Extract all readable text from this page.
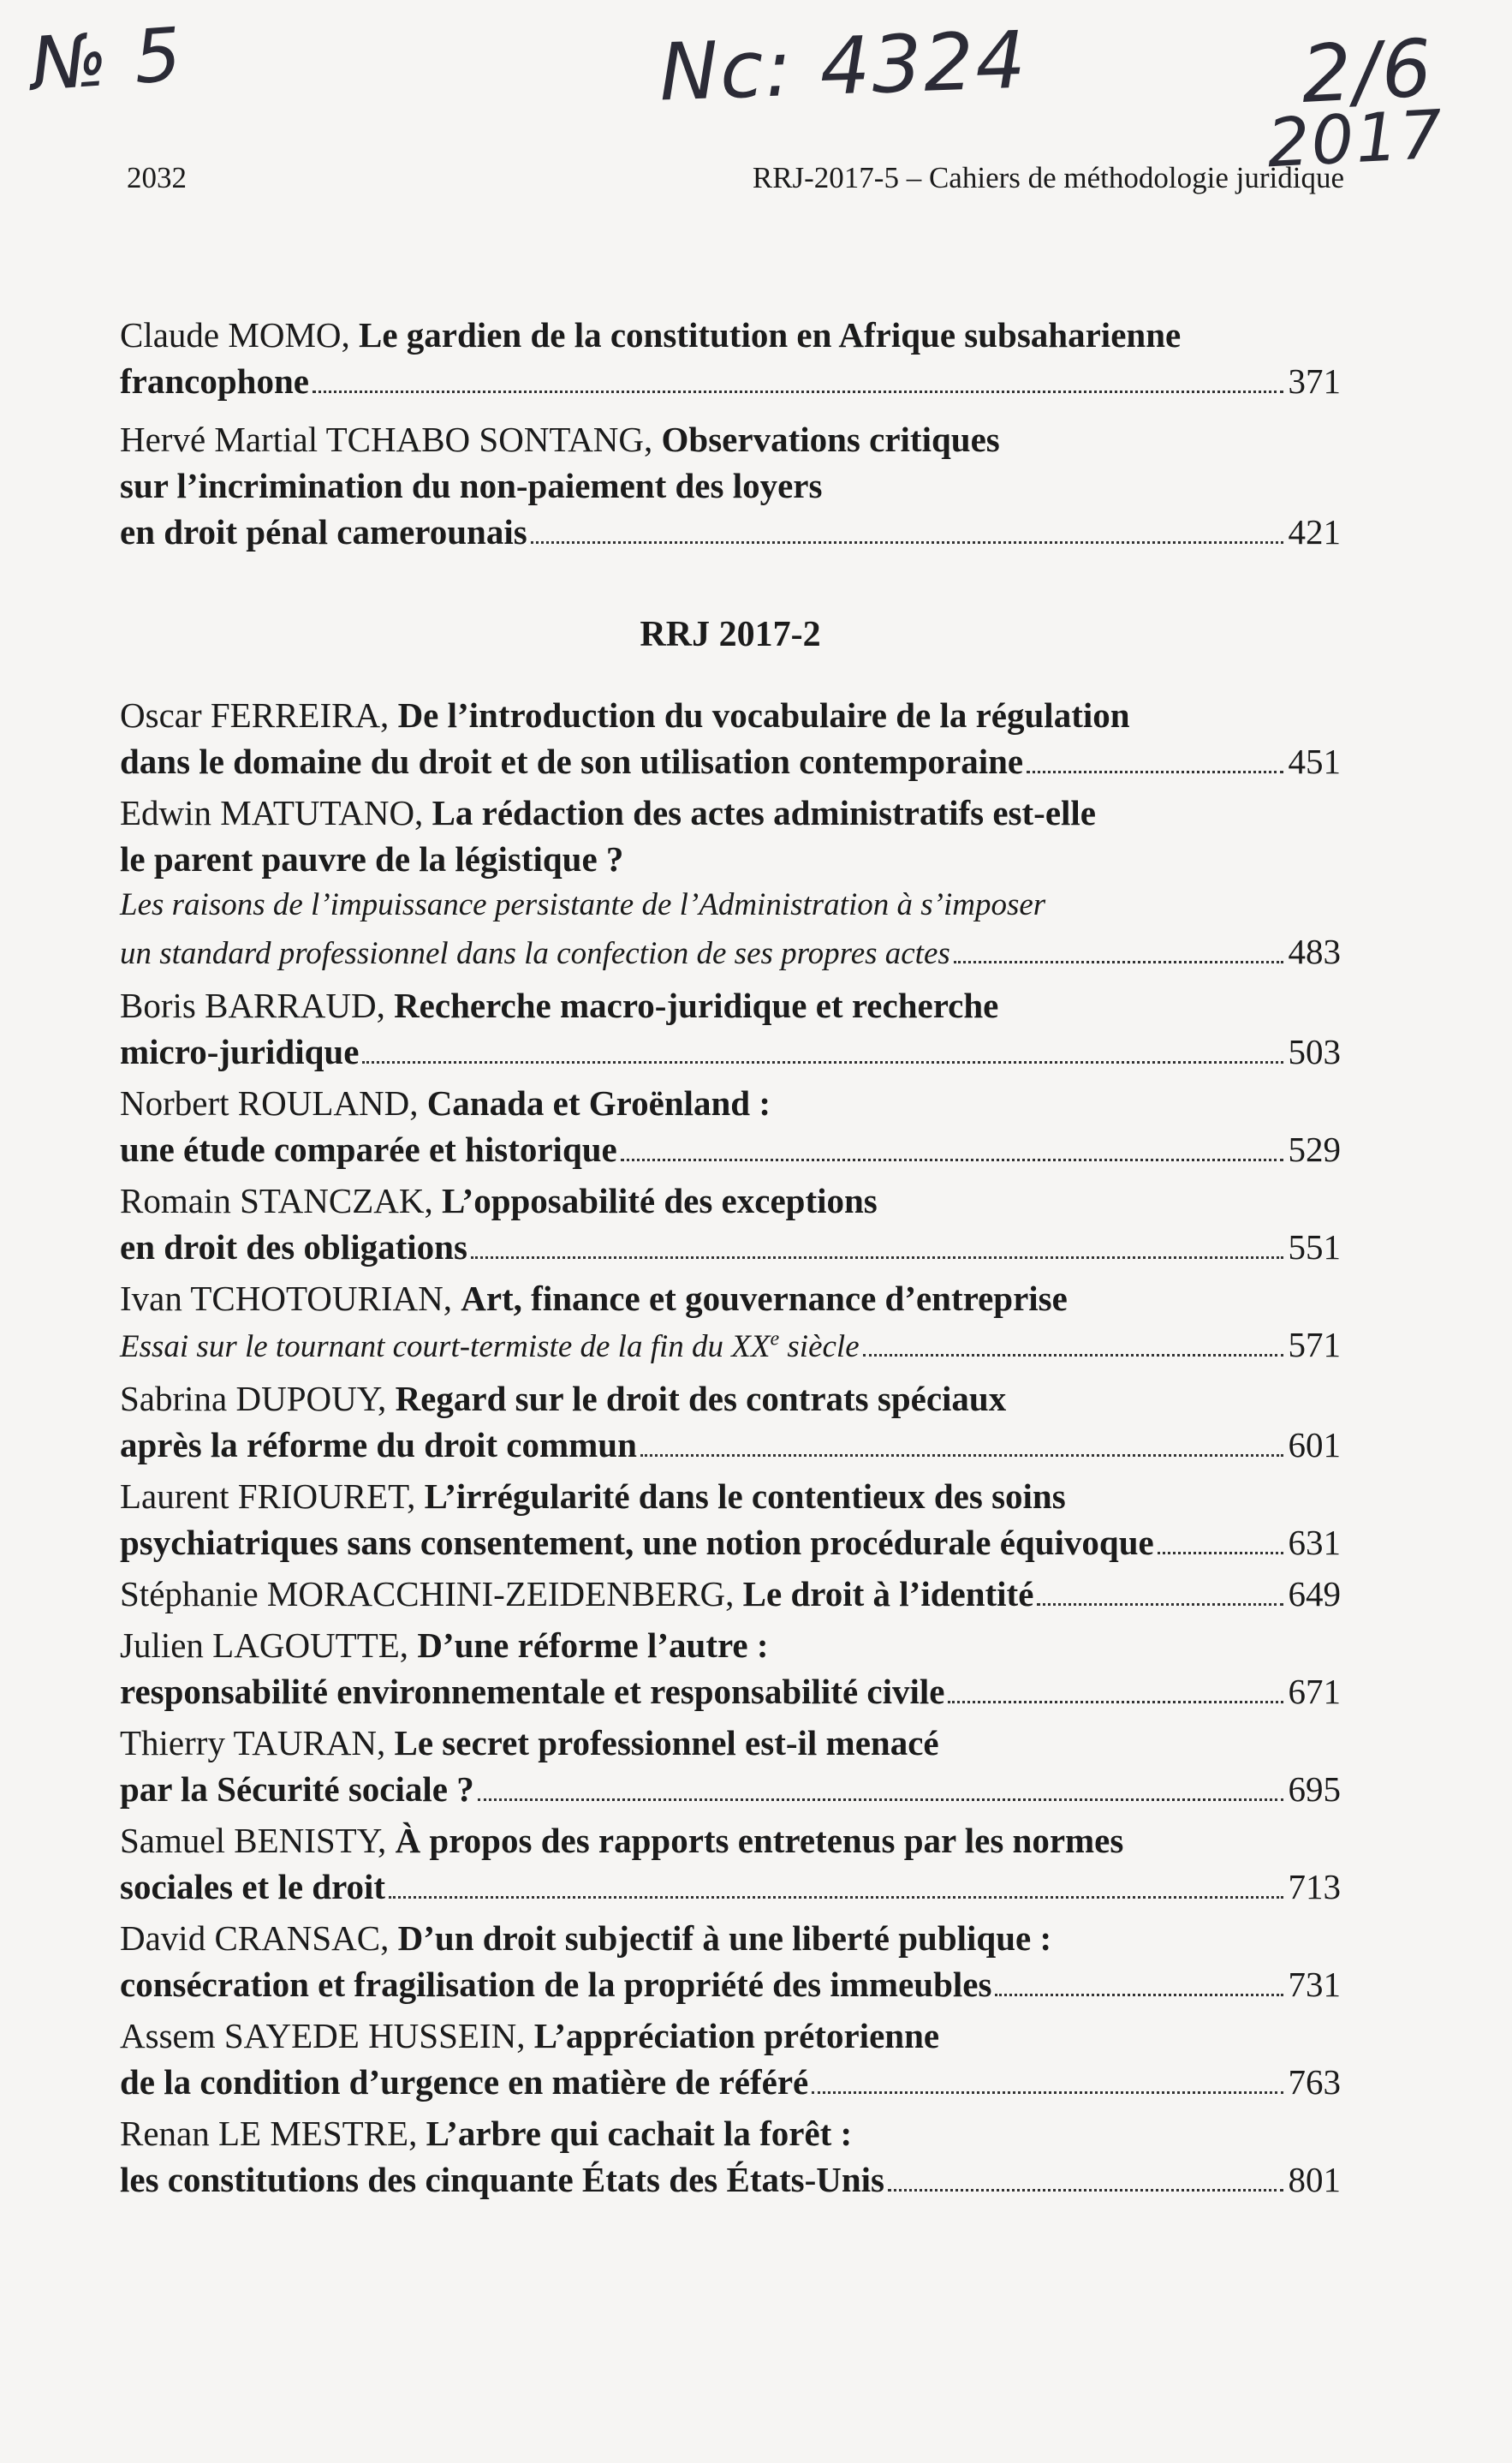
№ 5	Nc: 4324	2/6
2017
2032	RRJ-2017-5 – Cahiers de méthodologie juridique
Claude MOMO, Le gardien de la constitution en Afrique subsaharienne
francophone	371
Hervé Martial TCHABO SONTANG, Observations critiques
sur l’incrimination du non-paiement des loyers
en droit pénal camerounais	421
RRJ 2017-2
Oscar FERREIRA, De l’introduction du vocabulaire de la régulation
dans le domaine du droit et de son utilisation contemporaine	451
Edwin MATUTANO, La rédaction des actes administratifs est-elle
le parent pauvre de la légistique ?
Les raisons de l’impuissance persistante de l’Administration à s’imposer
un standard professionnel dans la confection de ses propres actes	483
Boris BARRAUD, Recherche macro-juridique et recherche
micro-juridique	503
Norbert ROULAND, Canada et Groënland :
une étude comparée et historique	529
Romain STANCZAK, L’opposabilité des exceptions
en droit des obligations	551
Ivan TCHOTOURIAN, Art, finance et gouvernance d’entreprise
Essai sur le tournant court-termiste de la fin du XXe siècle	571
Sabrina DUPOUY, Regard sur le droit des contrats spéciaux
après la réforme du droit commun	601
Laurent FRIOURET, L’irrégularité dans le contentieux des soins
psychiatriques sans consentement, une notion procédurale équivoque	631
Stéphanie MORACCHINI-ZEIDENBERG, Le droit à l’identité	649
Julien LAGOUTTE, D’une réforme l’autre :
responsabilité environnementale et responsabilité civile	671
Thierry TAURAN, Le secret professionnel est-il menacé
par la Sécurité sociale ?	695
Samuel BENISTY, À propos des rapports entretenus par les normes
sociales et le droit	713
David CRANSAC, D’un droit subjectif à une liberté publique :
consécration et fragilisation de la propriété des immeubles	731
Assem SAYEDE HUSSEIN, L’appréciation prétorienne
de la condition d’urgence en matière de référé	763
Renan LE MESTRE, L’arbre qui cachait la forêt :
les constitutions des cinquante États des États-Unis	801
